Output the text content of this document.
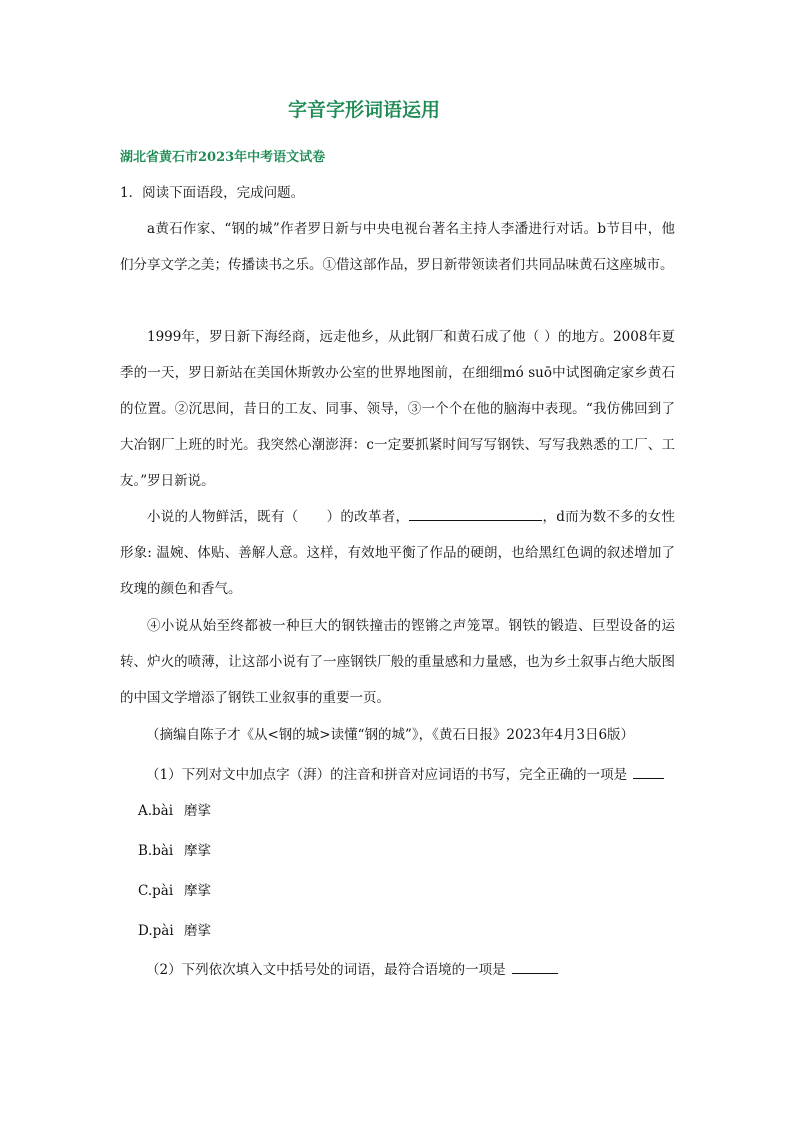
字音字形词语运用
湖北省黄石市2023年中考语文试卷
1．阅读下面语段，完成问题。

a黄石作家、“钢的城”作者罗日新与中央电视台著名主持人李潘进行对话。b节目中，他们分享文学之美；传播读书之乐。①借这部作品，罗日新带领读者们共同品味黄石这座城市。

1999年，罗日新下海经商，远走他乡，从此钢厂和黄石成了他（ ）的地方。2008年夏季的一天，罗日新站在美国休斯敦办公室的世界地图前，在细细mó suō中试图确定家乡黄石的位置。②沉思间，昔日的工友、同事、领导，③一个个在他的脑海中表现。“我仿佛回到了大冶钢厂上班的时光。我突然心潮澎湃：c一定要抓紧时间写写钢铁、写写我熟悉的工厂、工友。”罗日新说。

小说的人物鲜活，既有（ ）的改革者，	，d而为数不多的女性形象: 温婉、体贴、善解人意。这样，有效地平衡了作品的硬朗，也给黑红色调的叙述增加了玫瑰的颜色和香气。

④小说从始至终都被一种巨大的钢铁撞击的铿锵之声笼罩。钢铁的锻造、巨型设备的运转、炉火的喷薄，让这部小说有了一座钢铁厂般的重量感和力量感，也为乡土叙事占绝大版图的中国文学增添了钢铁工业叙事的重要一页。

（摘编自陈子才《从<钢的城>读懂“钢的城”》，《黄石日报》2023年4月3日6版）
（1）下列对文中加点字（湃）的注音和拼音对应词语的书写，完全正确的一项是
A.bài 磨挲
B.bài 摩挲
C.pài 摩挲
D.pài 磨挲
（2）下列依次填入文中括号处的词语，最符合语境的一项是
